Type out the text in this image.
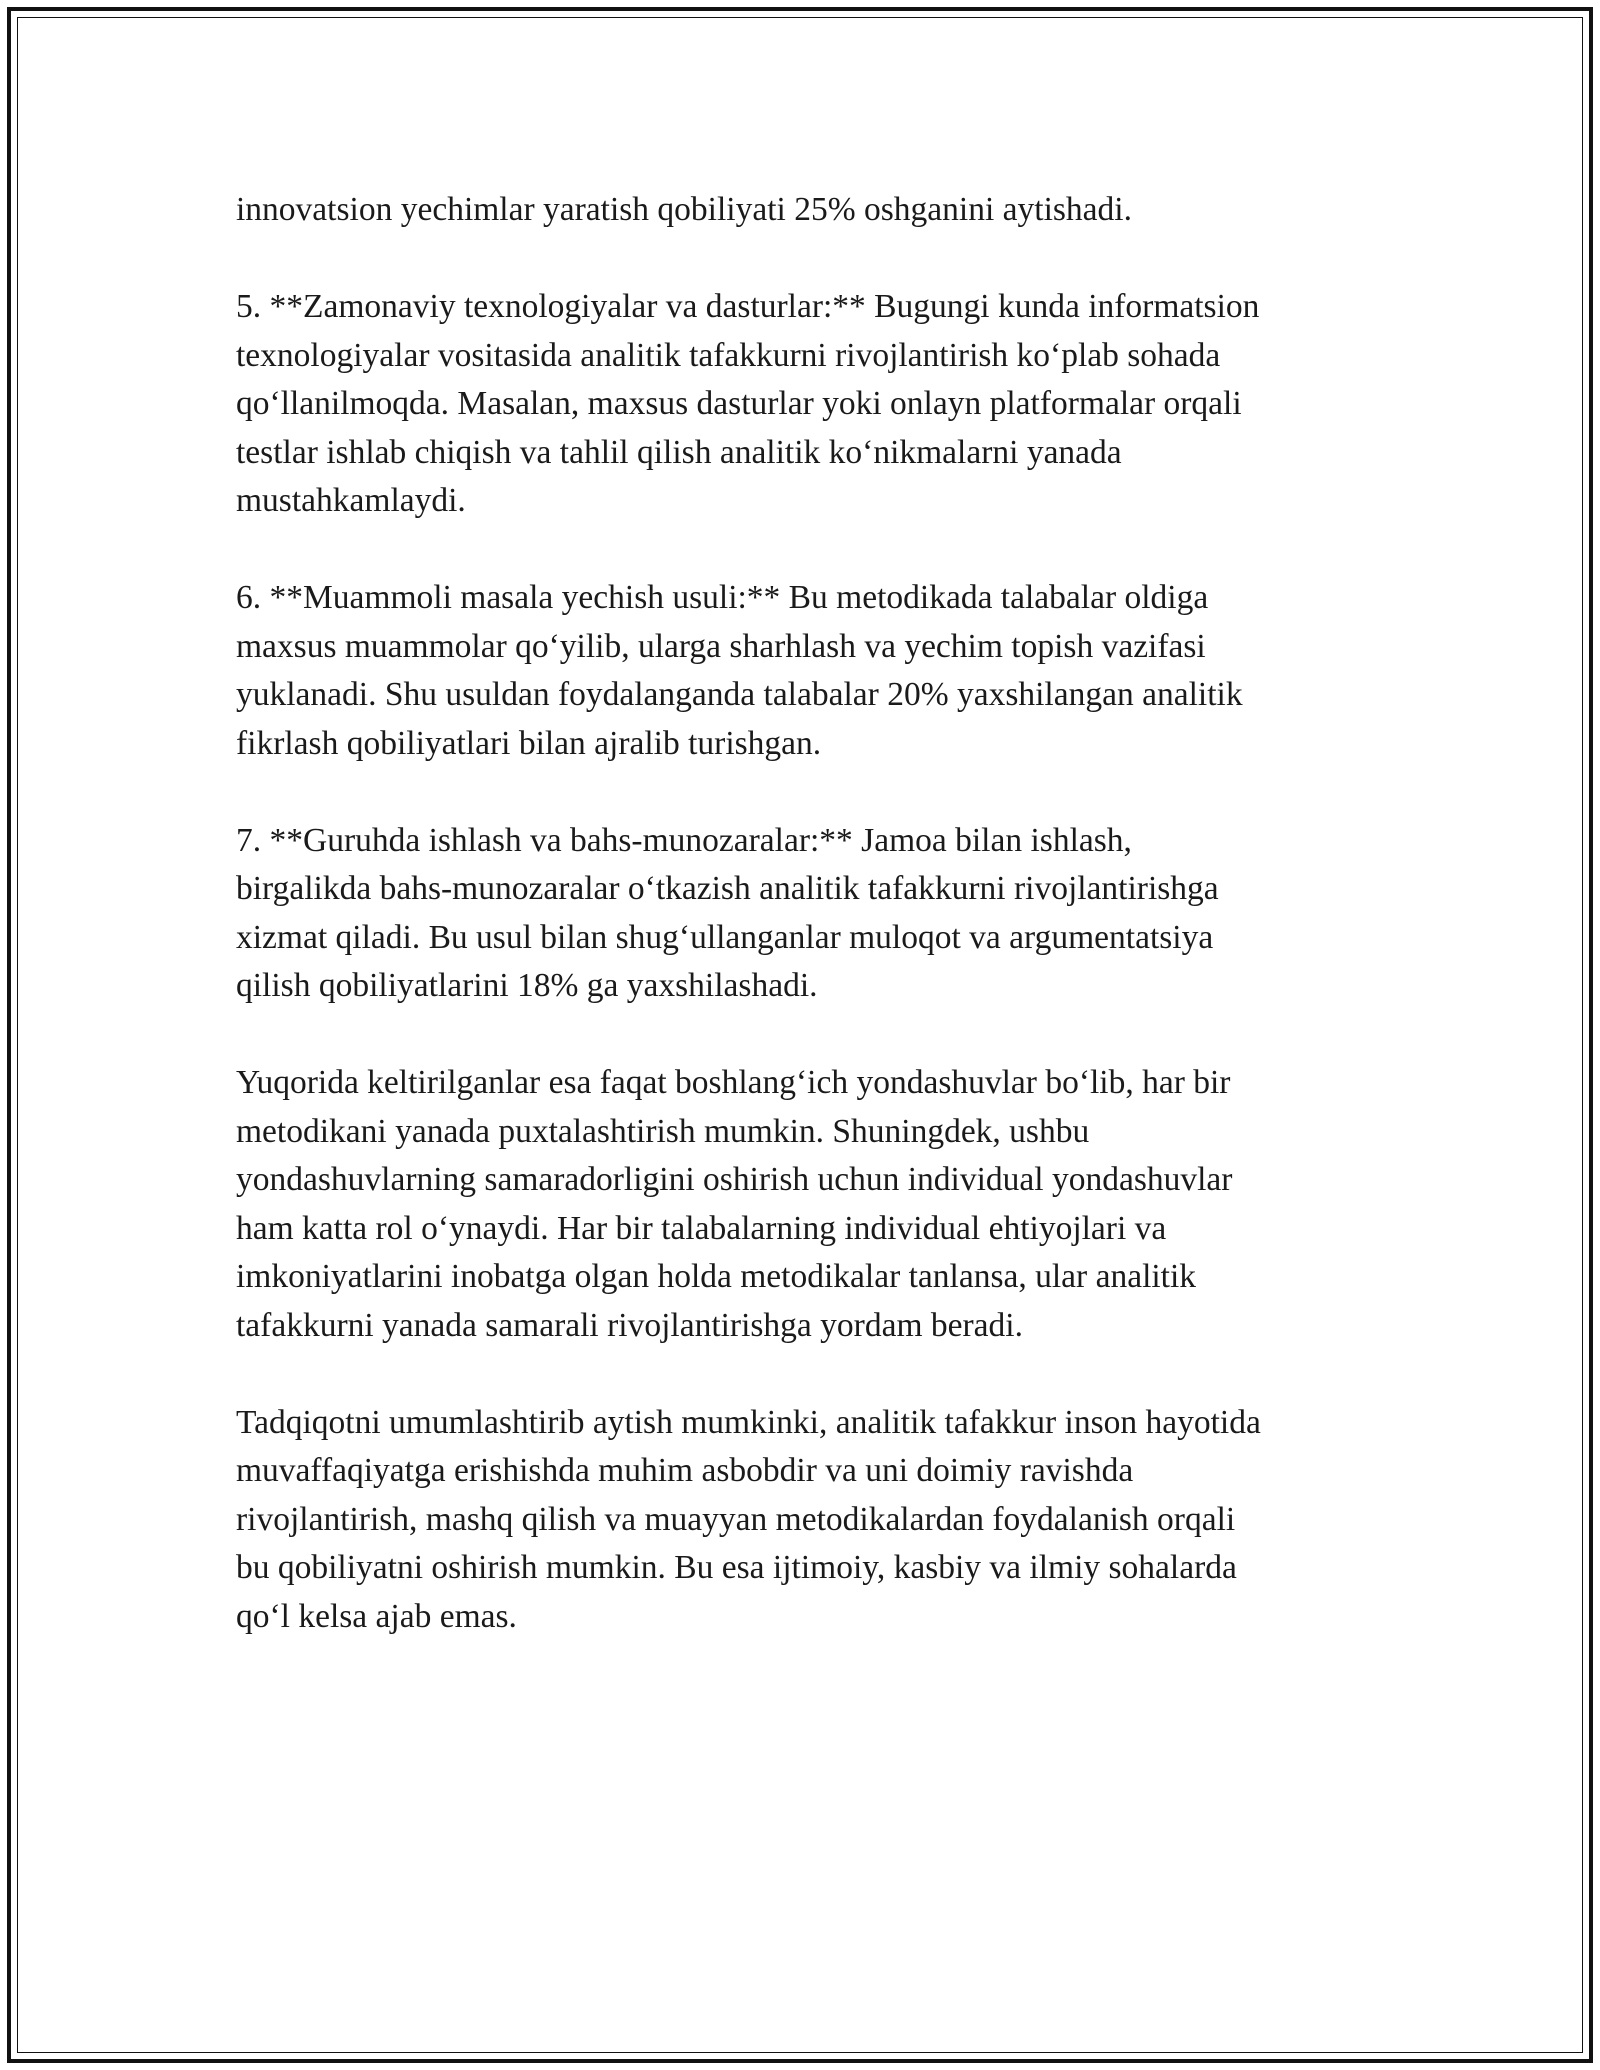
innovatsion yechimlar yaratish qobiliyati 25% oshganini aytishadi.

5. **Zamonaviy texnologiyalar va dasturlar:** Bugungi kunda informatsion
texnologiyalar vositasida analitik tafakkurni rivojlantirish koʻplab sohada
qoʻllanilmoqda. Masalan, maxsus dasturlar yoki onlayn platformalar orqali
testlar ishlab chiqish va tahlil qilish analitik koʻnikmalarni yanada
mustahkamlaydi.

6. **Muammoli masala yechish usuli:** Bu metodikada talabalar oldiga
maxsus muammolar qoʻyilib, ularga sharhlash va yechim topish vazifasi
yuklanadi. Shu usuldan foydalanganda talabalar 20% yaxshilangan analitik
fikrlash qobiliyatlari bilan ajralib turishgan.

7. **Guruhda ishlash va bahs-munozaralar:** Jamoa bilan ishlash,
birgalikda bahs-munozaralar oʻtkazish analitik tafakkurni rivojlantirishga
xizmat qiladi. Bu usul bilan shugʻullanganlar muloqot va argumentatsiya
qilish qobiliyatlarini 18% ga yaxshilashadi.

Yuqorida keltirilganlar esa faqat boshlangʻich yondashuvlar boʻlib, har bir
metodikani yanada puxtalashtirish mumkin. Shuningdek, ushbu
yondashuvlarning samaradorligini oshirish uchun individual yondashuvlar
ham katta rol oʻynaydi. Har bir talabalarning individual ehtiyojlari va
imkoniyatlarini inobatga olgan holda metodikalar tanlansa, ular analitik
tafakkurni yanada samarali rivojlantirishga yordam beradi.

Tadqiqotni umumlashtirib aytish mumkinki, analitik tafakkur inson hayotida
muvaffaqiyatga erishishda muhim asbobdir va uni doimiy ravishda
rivojlantirish, mashq qilish va muayyan metodikalardan foydalanish orqali
bu qobiliyatni oshirish mumkin. Bu esa ijtimoiy, kasbiy va ilmiy sohalarda
qoʻl kelsa ajab emas.
